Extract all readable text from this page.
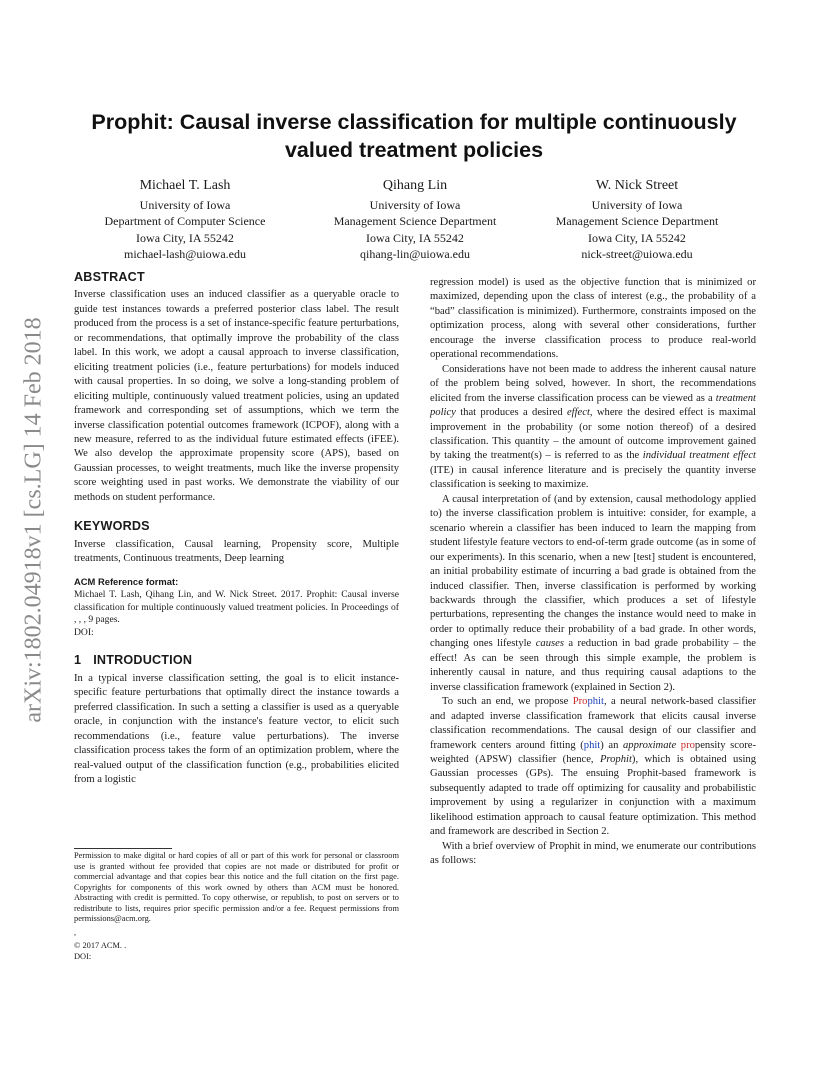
arXiv:1802.04918v1 [cs.LG] 14 Feb 2018
Prophit: Causal inverse classification for multiple continuously valued treatment policies
Michael T. Lash
University of Iowa
Department of Computer Science
Iowa City, IA 55242
michael-lash@uiowa.edu
Qihang Lin
University of Iowa
Management Science Department
Iowa City, IA 55242
qihang-lin@uiowa.edu
W. Nick Street
University of Iowa
Management Science Department
Iowa City, IA 55242
nick-street@uiowa.edu
ABSTRACT

Inverse classification uses an induced classifier as a queryable oracle to guide test instances towards a preferred posterior class label. The result produced from the process is a set of instance-specific feature perturbations, or recommendations, that optimally improve the probability of the class label. In this work, we adopt a causal approach to inverse classification, eliciting treatment policies (i.e., feature perturbations) for models induced with causal properties. In so doing, we solve a long-standing problem of eliciting multiple, continuously valued treatment policies, using an updated framework and corresponding set of assumptions, which we term the inverse classification potential outcomes framework (ICPOF), along with a new measure, referred to as the individual future estimated effects (iFEE). We also develop the approximate propensity score (APS), based on Gaussian processes, to weight treatments, much like the inverse propensity score weighting used in past works. We demonstrate the viability of our methods on student performance.

KEYWORDS

Inverse classification, Causal learning, Propensity score, Multiple treatments, Continuous treatments, Deep learning

ACM Reference format:

Michael T. Lash, Qihang Lin, and W. Nick Street. 2017. Prophit: Causal inverse classification for multiple continuously valued treatment policies. In Proceedings of , , , 9 pages.

DOI:

1 INTRODUCTION

In a typical inverse classification setting, the goal is to elicit instance-specific feature perturbations that optimally direct the instance towards a preferred classification. In such a setting a classifier is used as a queryable oracle, in conjunction with the instance's feature vector, to elicit such recommendations (i.e., feature value perturbations). The inverse classification process takes the form of an optimization problem, where the real-valued output of the classification function (e.g., probabilities elicited from a logistic

regression model) is used as the objective function that is minimized or maximized, depending upon the class of interest (e.g., the probability of a “bad” classification is minimized). Furthermore, constraints imposed on the optimization process, along with several other considerations, further encourage the inverse classification process to produce real-world operational recommendations.

Considerations have not been made to address the inherent causal nature of the problem being solved, however. In short, the recommendations elicited from the inverse classification process can be viewed as a treatment policy that produces a desired effect, where the desired effect is maximal improvement in the probability (or some notion thereof) of a desired classification. This quantity – the amount of outcome improvement gained by taking the treatment(s) – is referred to as the individual treatment effect (ITE) in causal inference literature and is precisely the quantity inverse classification is seeking to maximize.

A causal interpretation of (and by extension, causal methodology applied to) the inverse classification problem is intuitive: consider, for example, a scenario wherein a classifier has been induced to learn the mapping from student lifestyle feature vectors to end-of-term grade outcome (as in some of our experiments). In this scenario, when a new [test] student is encountered, an initial probability estimate of incurring a bad grade is obtained from the induced classifier. Then, inverse classification is performed by working backwards through the classifier, which produces a set of lifestyle perturbations, representing the changes the instance would need to make in order to optimally reduce their probability of a bad grade. In other words, changing ones lifestyle causes a reduction in bad grade probability – the effect! As can be seen through this simple example, the problem is inherently causal in nature, and thus requiring causal adaptions to the inverse classification framework (explained in Section 2).

To such an end, we propose Prophit, a neural network-based classifier and adapted inverse classification framework that elicits causal inverse classification recommendations. The causal design of our classifier and framework centers around fitting (phit) an approximate propensity score-weighted (APSW) classifier (hence, Prophit), which is obtained using Gaussian processes (GPs). The ensuing Prophit-based framework is subsequently adapted to trade off optimizing for causality and probabilistic improvement by using a regularizer in conjunction with a maximum likelihood estimation approach to causal feature optimization. This method and framework are described in Section 2.

With a brief overview of Prophit in mind, we enumerate our contributions as follows:

Permission to make digital or hard copies of all or part of this work for personal or classroom use is granted without fee provided that copies are not made or distributed for profit or commercial advantage and that copies bear this notice and the full citation on the first page. Copyrights for components of this work owned by others than ACM must be honored. Abstracting with credit is permitted. To copy otherwise, or republish, to post on servers or to redistribute to lists, requires prior specific permission and/or a fee. Request permissions from permissions@acm.org.
,
© 2017 ACM. .
DOI:
